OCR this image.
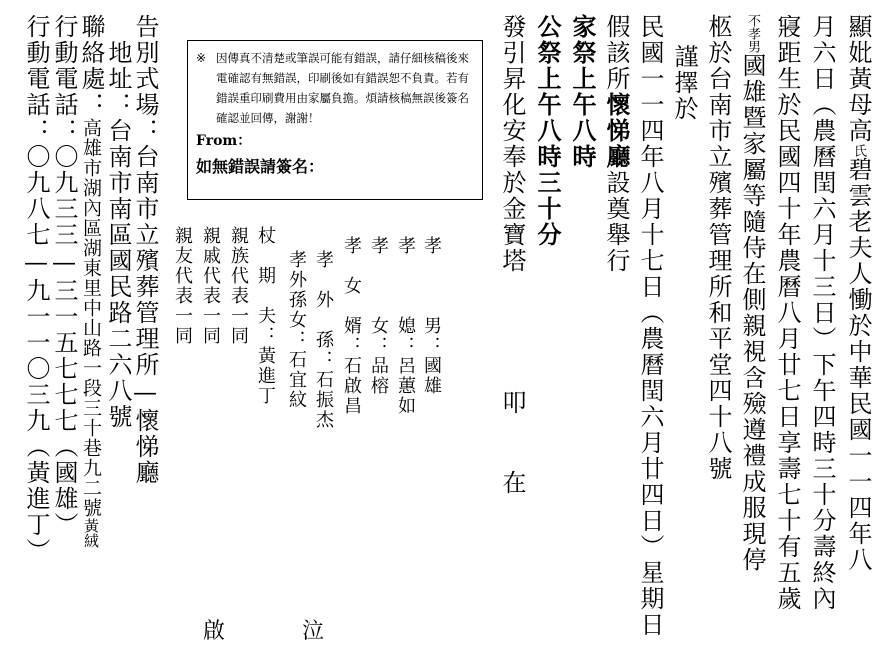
顯妣黃母高氏碧雲老夫人慟於中華民國一一四年八
月六日（農曆閏六月十三日）下午四時三十分壽終內
寢距生於民國四十年農曆八月廿七日享壽七十有五歲
不孝男國雄暨家屬等隨侍在側親視含殮遵禮成服現停
柩於台南市立殯葬管理所和平堂四十八號
謹擇於
民國一一四年八月十七日（農曆閏六月廿四日）星期日
假該所懷悌廳設奠舉行
家祭上午八時
公祭上午八時三十分
發引昇化安奉於金寶塔
叩
在
孝　　　男：國雄
孝　　　媳：呂蕙如
孝　　　女：品榕
孝　女　婿：石啟昌
孝　外　孫：石振杰
孝外孫女：石宜紋
杖　期　夫：黃進丁
親族代表一同
親戚代表一同
親友代表一同

※ 因傳真不清楚或筆誤可能有錯誤，請仔細核稿後來電確認有無錯誤，印刷後如有錯誤恕不負責。若有錯誤重印刷費用由家屬負擔。煩請核稿無誤後簽名確認並回傳，謝謝！

From：
如無錯誤請簽名：
告別式場：台南市立殯葬管理所—懷悌廳
地址：台南市南區國民路二六八號
聯絡處：高雄市湖內區湖東里中山路一段三十巷九二號黃絨
行動電話：〇九三三—三一五七七七（國雄）
行動電話：〇九八七—九一一〇三九（黃進丁）
啟	泣
